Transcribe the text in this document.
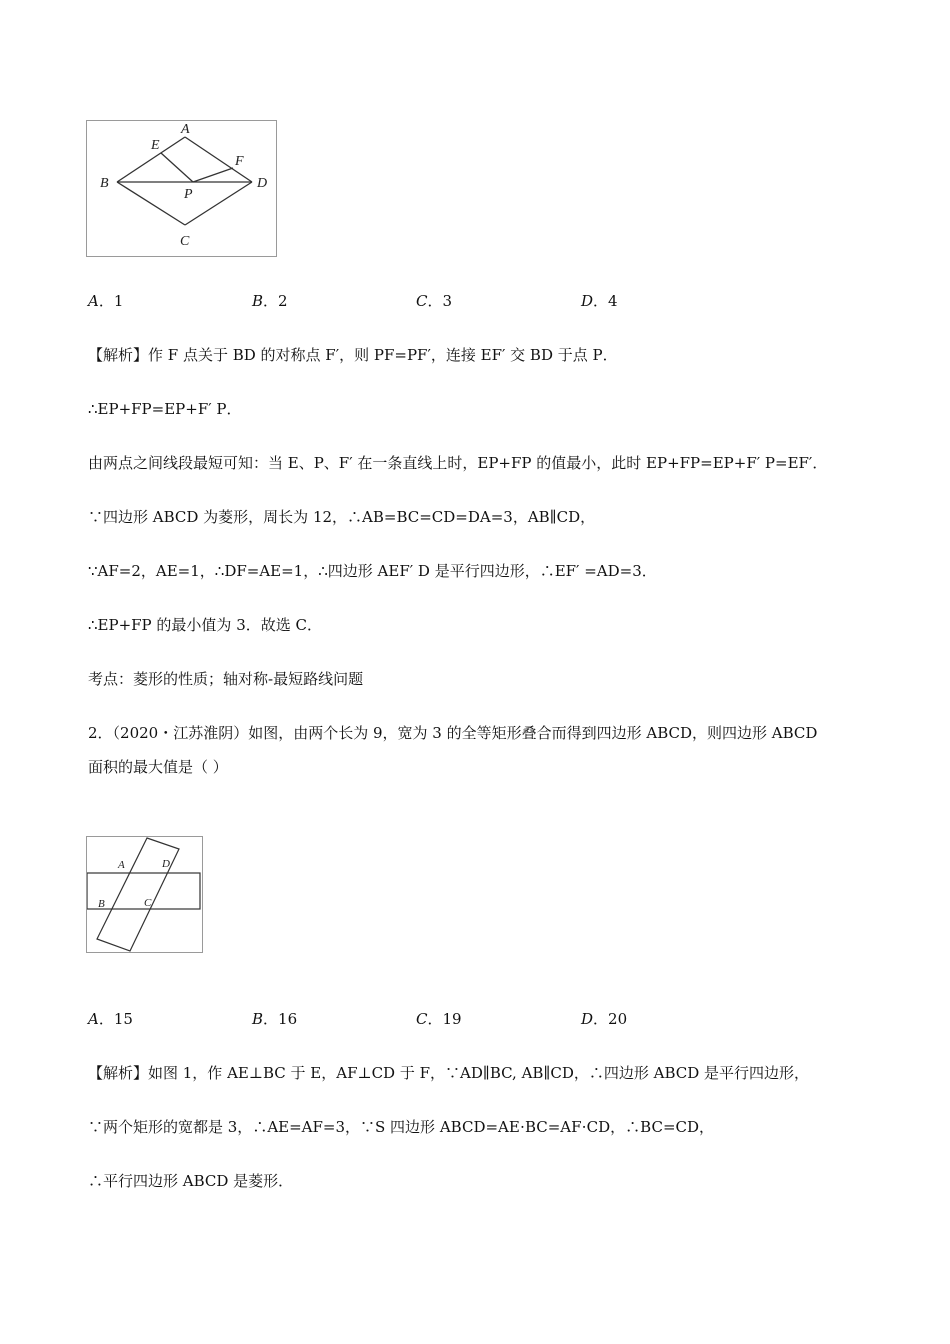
A
B
C
D
E
F
P
A．1	B．2	C．3	D．4
【解析】作 F 点关于 BD 的对称点 F′，则 PF=PF′，连接 EF′ 交 BD 于点 P．
∴EP+FP=EP+F′ P．
由两点之间线段最短可知：当 E、P、F′ 在一条直线上时，EP+FP 的值最小，此时 EP+FP=EP+F′ P=EF′．
∵四边形 ABCD 为菱形，周长为 12，∴AB=BC=CD=DA=3，AB∥CD，
∵AF=2，AE=1，∴DF=AE=1，∴四边形 AEF′ D 是平行四边形，∴EF′ =AD=3．
∴EP+FP 的最小值为 3．故选 C．
考点：菱形的性质；轴对称-最短路线问题
2．（2020・江苏淮阴）如图，由两个长为 9，宽为 3 的全等矩形叠合而得到四边形 ABCD，则四边形 ABCD
面积的最大值是（ ）
A	D
B	C
A．15	B．16	C．19	D．20
【解析】如图 1，作 AE⊥BC 于 E，AF⊥CD 于 F，∵AD∥BC, AB∥CD，∴四边形 ABCD 是平行四边形，
∵两个矩形的宽都是 3，∴AE=AF=3，∵S 四边形 ABCD=AE⋅BC=AF⋅CD，∴BC=CD，
∴平行四边形 ABCD 是菱形．
